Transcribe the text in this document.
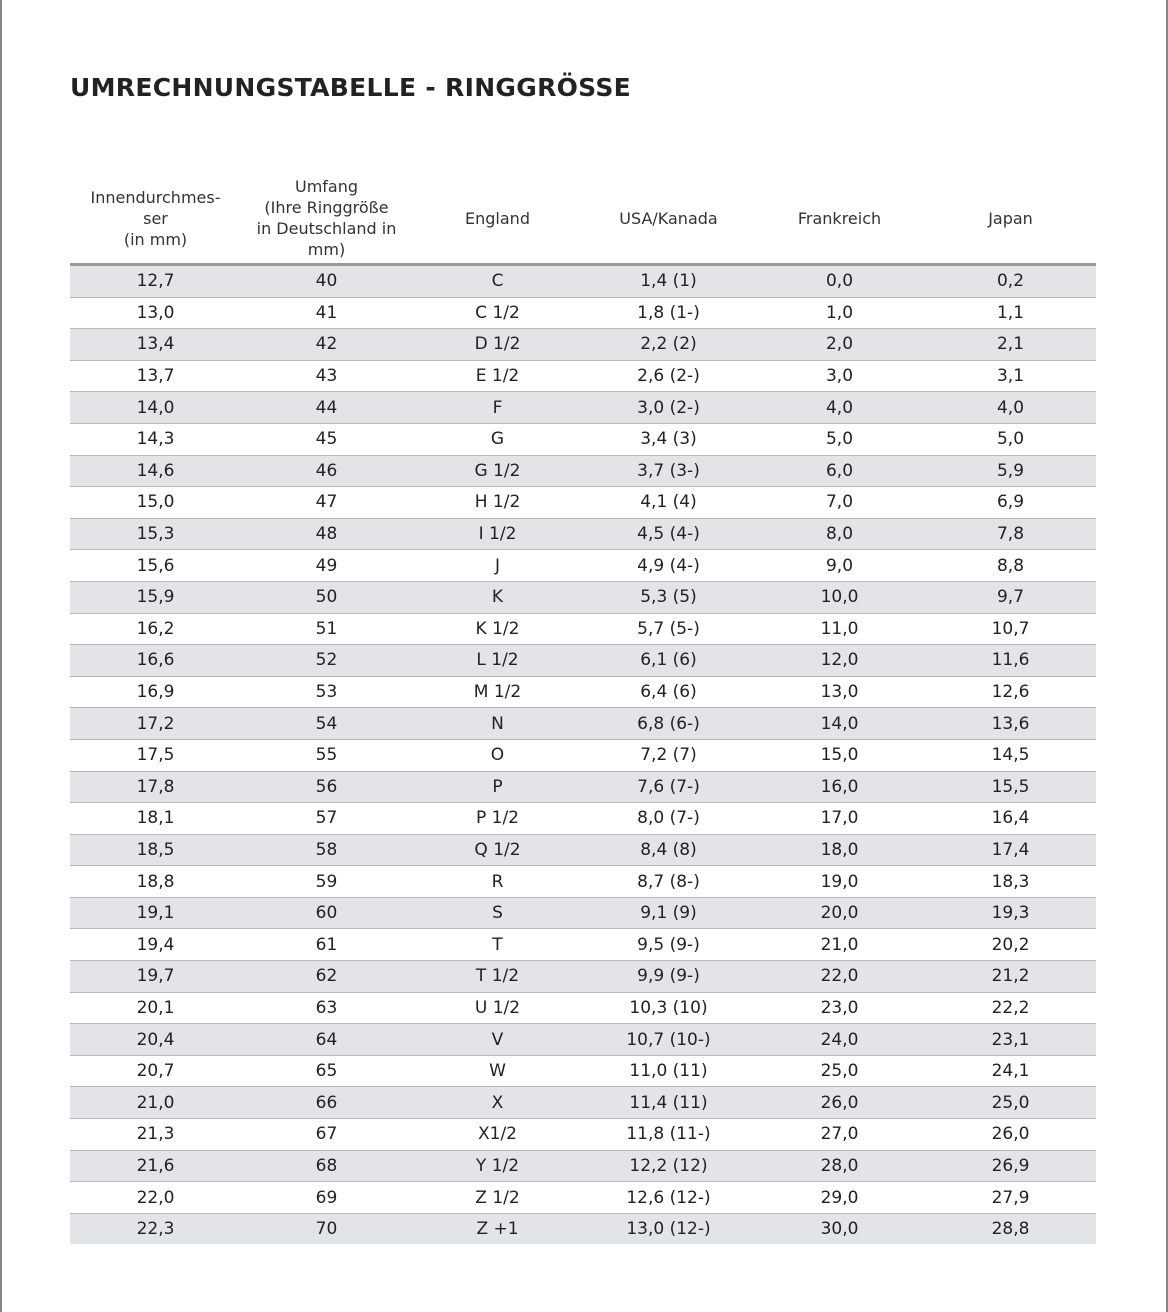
UMRECHNUNGSTABELLE - RINGGRÖSSE
Innendurchmes-
ser
(in mm)	Umfang
(Ihre Ringgröße
in Deutschland in
mm)	England	USA/Kanada	Frankreich	Japan
12,7	40	C	1,4 (1)	0,0	0,2
13,0	41	C 1/2	1,8 (1-)	1,0	1,1
13,4	42	D 1/2	2,2 (2)	2,0	2,1
13,7	43	E 1/2	2,6 (2-)	3,0	3,1
14,0	44	F	3,0 (2-)	4,0	4,0
14,3	45	G	3,4 (3)	5,0	5,0
14,6	46	G 1/2	3,7 (3-)	6,0	5,9
15,0	47	H 1/2	4,1 (4)	7,0	6,9
15,3	48	I 1/2	4,5 (4-)	8,0	7,8
15,6	49	J	4,9 (4-)	9,0	8,8
15,9	50	K	5,3 (5)	10,0	9,7
16,2	51	K 1/2	5,7 (5-)	11,0	10,7
16,6	52	L 1/2	6,1 (6)	12,0	11,6
16,9	53	M 1/2	6,4 (6)	13,0	12,6
17,2	54	N	6,8 (6-)	14,0	13,6
17,5	55	O	7,2 (7)	15,0	14,5
17,8	56	P	7,6 (7-)	16,0	15,5
18,1	57	P 1/2	8,0 (7-)	17,0	16,4
18,5	58	Q 1/2	8,4 (8)	18,0	17,4
18,8	59	R	8,7 (8-)	19,0	18,3
19,1	60	S	9,1 (9)	20,0	19,3
19,4	61	T	9,5 (9-)	21,0	20,2
19,7	62	T 1/2	9,9 (9-)	22,0	21,2
20,1	63	U 1/2	10,3 (10)	23,0	22,2
20,4	64	V	10,7 (10-)	24,0	23,1
20,7	65	W	11,0 (11)	25,0	24,1
21,0	66	X	11,4 (11)	26,0	25,0
21,3	67	X1/2	11,8 (11-)	27,0	26,0
21,6	68	Y 1/2	12,2 (12)	28,0	26,9
22,0	69	Z 1/2	12,6 (12-)	29,0	27,9
22,3	70	Z +1	13,0 (12-)	30,0	28,8
